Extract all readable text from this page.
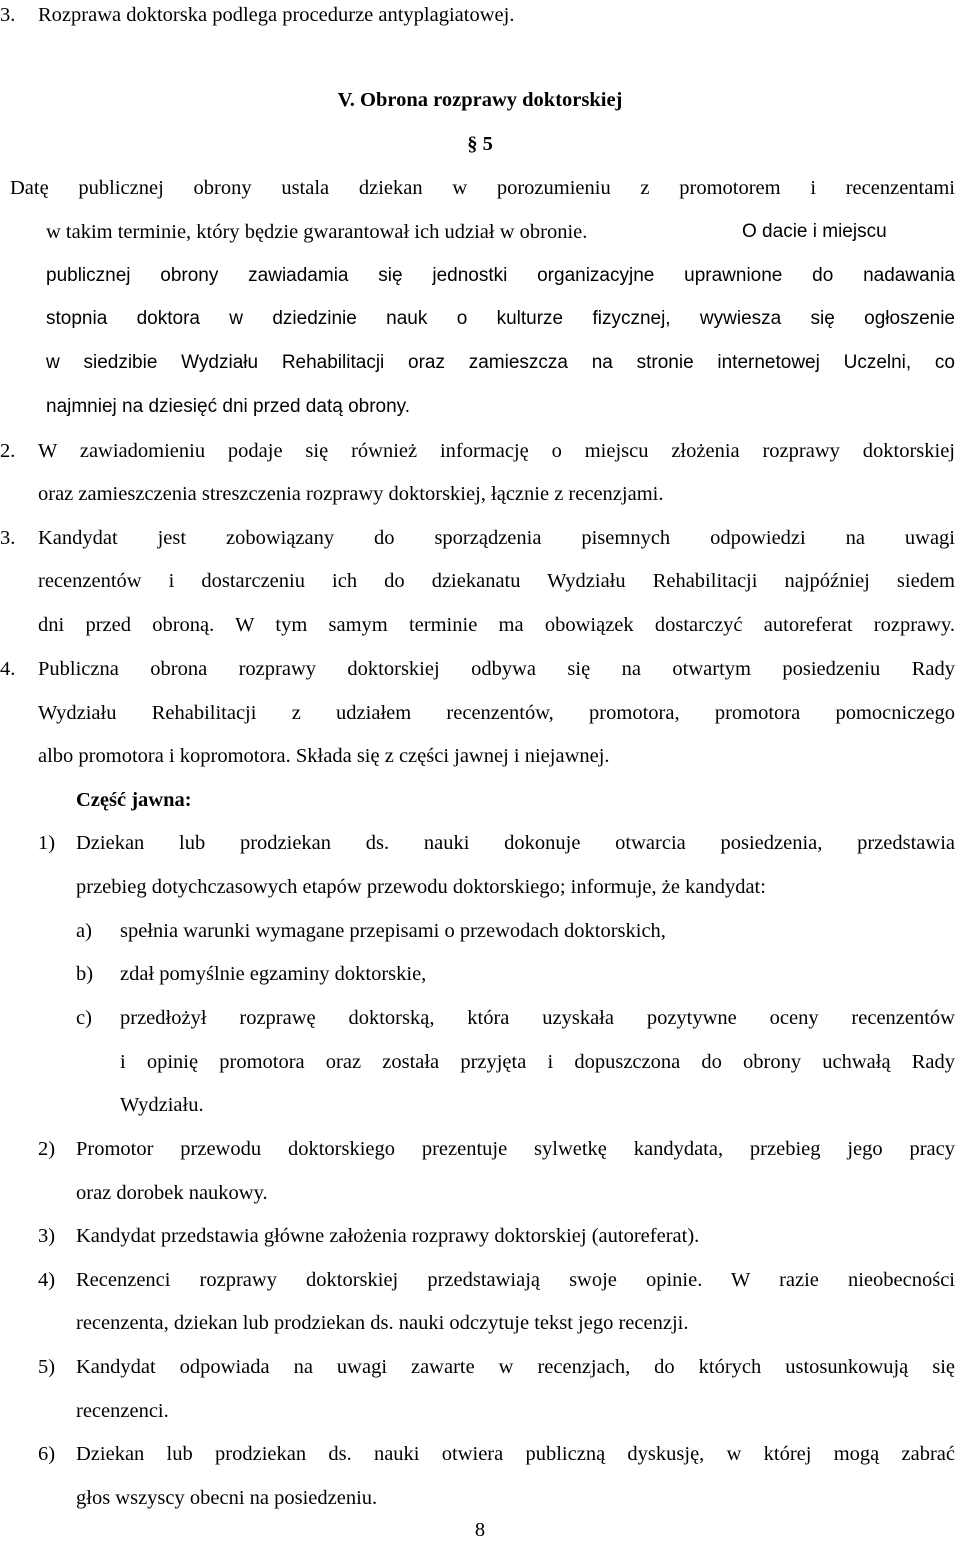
3. Rozprawa doktorska podlega procedurze antyplagiatowej.
V. Obrona rozprawy doktorskiej
§ 5
Datę publicznej obrony ustala dziekan w porozumieniu z promotorem i recenzentami
w takim terminie, który będzie gwarantował ich udział w obronie.	O dacie i miejscu
publicznej obrony zawiadamia się jednostki organizacyjne uprawnione do nadawania
stopnia doktora w dziedzinie nauk o kulturze fizycznej, wywiesza się ogłoszenie
w siedzibie Wydziału Rehabilitacji oraz zamieszcza na stronie internetowej Uczelni, co
najmniej na dziesięć dni przed datą obrony.
2. W zawiadomieniu podaje się również informację o miejscu złożenia rozprawy doktorskiej
oraz zamieszczenia streszczenia rozprawy doktorskiej, łącznie z recenzjami.
3. Kandydat jest zobowiązany do sporządzenia pisemnych odpowiedzi na uwagi
recenzentów i dostarczeniu ich do dziekanatu Wydziału Rehabilitacji najpóźniej siedem
dni przed obroną. W tym samym terminie ma obowiązek dostarczyć autoreferat rozprawy.
4. Publiczna obrona rozprawy doktorskiej odbywa się na otwartym posiedzeniu Rady
Wydziału Rehabilitacji z udziałem recenzentów, promotora, promotora pomocniczego
albo promotora i kopromotora. Składa się z części jawnej i niejawnej.
Część jawna:
1) Dziekan lub prodziekan ds. nauki dokonuje otwarcia posiedzenia, przedstawia
przebieg dotychczasowych etapów przewodu doktorskiego; informuje, że kandydat:
a) spełnia warunki wymagane przepisami o przewodach doktorskich,
b) zdał pomyślnie egzaminy doktorskie,
c) przedłożył rozprawę doktorską, która uzyskała pozytywne oceny recenzentów
i opinię promotora oraz została przyjęta i dopuszczona do obrony uchwałą Rady
Wydziału.
2) Promotor przewodu doktorskiego prezentuje sylwetkę kandydata, przebieg jego pracy
oraz dorobek naukowy.
3) Kandydat przedstawia główne założenia rozprawy doktorskiej (autoreferat).
4) Recenzenci rozprawy doktorskiej przedstawiają swoje opinie. W razie nieobecności
recenzenta, dziekan lub prodziekan ds. nauki odczytuje tekst jego recenzji.
5) Kandydat odpowiada na uwagi zawarte w recenzjach, do których ustosunkowują się
recenzenci.
6) Dziekan lub prodziekan ds. nauki otwiera publiczną dyskusję, w której mogą zabrać
głos wszyscy obecni na posiedzeniu.
8
